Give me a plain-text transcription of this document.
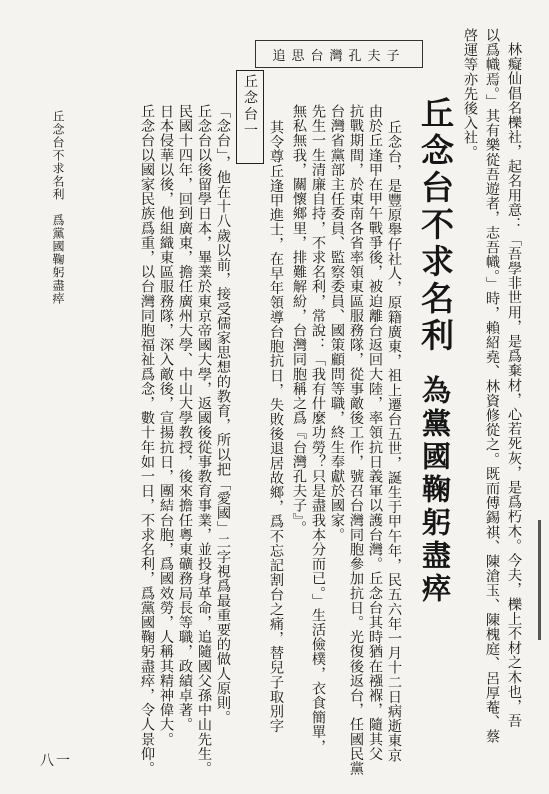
林癡仙倡名櫟社，起名用意：「吾學非世用，是爲棄材，心若死灰，是爲朽木。今夫，櫟上不材之木也，吾
以爲幟焉。」其有樂從吾遊者，志吾幟。」時，賴紹堯、林資修從之。既而傅錫祺、陳滄玉、陳槐庭、呂厚菴、蔡
啓運等亦先後入社。
追思台灣孔夫子
丘念台不求名利為黨國鞠躬盡瘁
丘念台，是豐原舉仔社人，原籍廣東，祖上遷台五世，誕生于甲午年，民五六年一月十二日病逝東京
由於丘逢甲在甲午戰爭後，被迫離台返回大陸，率領抗日義軍以護台灣。丘念台其時猶在襁褓，隨其父
抗戰期間，於東南各省率領東區服務隊，從事敵後工作，號召台灣同胞參加抗日。光復後返台，任國民黨
台灣省黨部主任委員、監察委員、國策顧問等職，終生奉獻於國家。
先生一生清廉自持，不求名利，常說：「我有什麼功勞？只是盡我本分而已。」生活儉樸，衣食簡單，
無私無我，關懷鄉里，排難解紛，台灣同胞稱之爲『台灣孔夫子』。
其令尊丘逢甲進士，在早年領導台胞抗日，失敗後退居故鄉，爲不忘記割台之痛，替兒子取別字
丘念台一
「念台」，他在十八歲以前，接受儒家思想的教育，所以把「愛國」二字視爲最重要的做人原則。
丘念台以後留學日本，畢業於東京帝國大學，返國後從事教育事業，並投身革命，追隨國父孫中山先生。
民國十四年，回到廣東，擔任廣州大學、中山大學教授，後來擔任粵東礦務局長等職，政績卓著。
日本侵華以後，他組織東區服務隊，深入敵後，宣揚抗日，團結台胞，爲國效勞，人稱其精神偉大。
丘念台以國家民族爲重，以台灣同胞福祉爲念，數十年如一日，不求名利，爲黨國鞠躬盡瘁，令人景仰。
丘念台不求名利　爲黨國鞠躬盡瘁
八一
